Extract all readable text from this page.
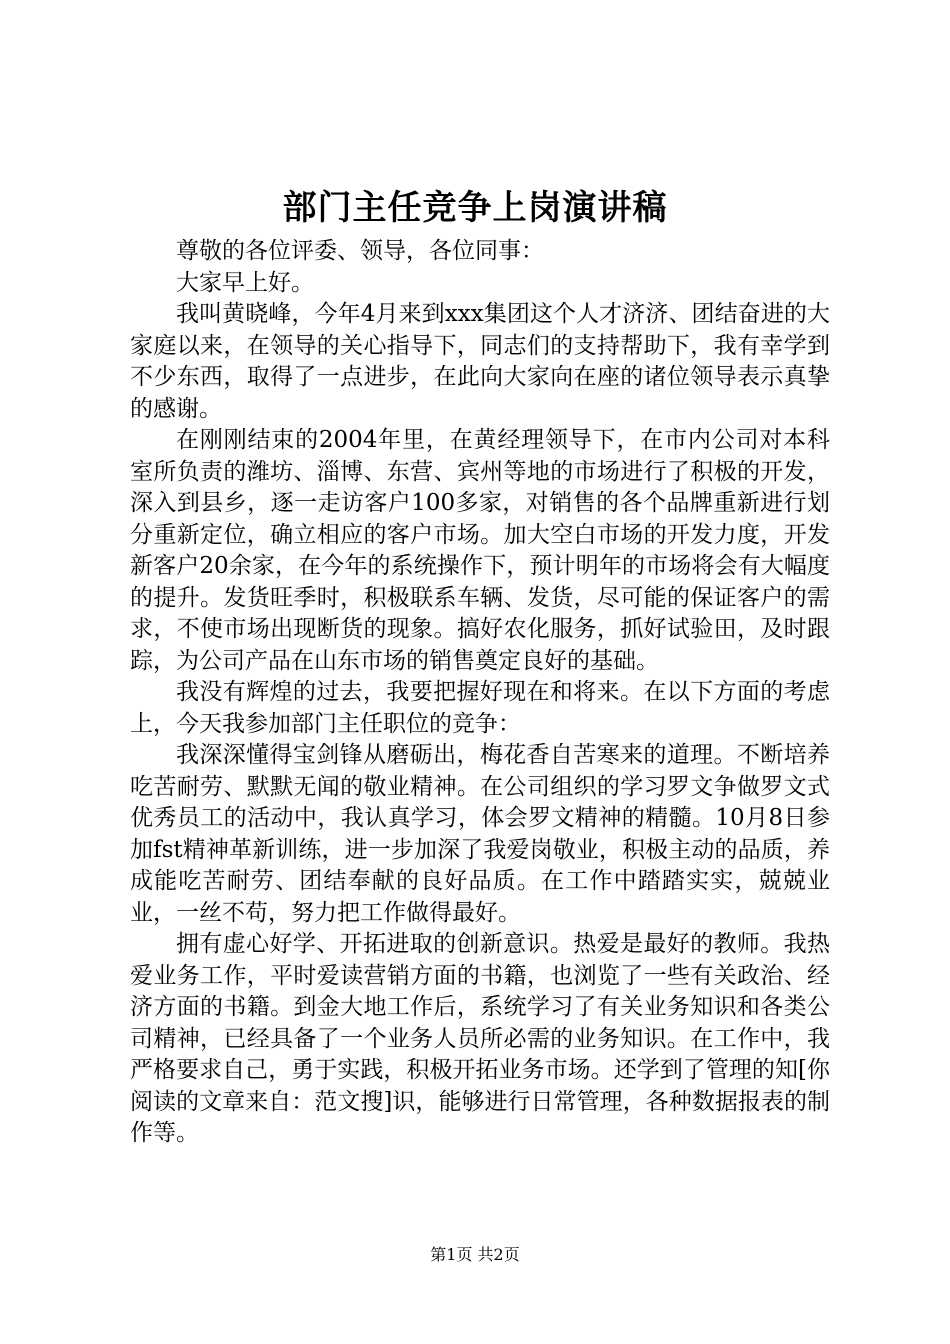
部门主任竞争上岗演讲稿

尊敬的各位评委、领导，各位同事：

大家早上好。

我叫黄晓峰，今年4月来到xxx集团这个人才济济、团结奋进的大家庭以来，在领导的关心指导下，同志们的支持帮助下，我有幸学到不少东西，取得了一点进步，在此向大家向在座的诸位领导表示真挚的感谢。

在刚刚结束的2004年里，在黄经理领导下，在市内公司对本科室所负责的潍坊、淄博、东营、宾州等地的市场进行了积极的开发，深入到县乡，逐一走访客户100多家，对销售的各个品牌重新进行划分重新定位，确立相应的客户市场。加大空白市场的开发力度，开发新客户20余家，在今年的系统操作下，预计明年的市场将会有大幅度的提升。发货旺季时，积极联系车辆、发货，尽可能的保证客户的需求，不使市场出现断货的现象。搞好农化服务，抓好试验田，及时跟踪，为公司产品在山东市场的销售奠定良好的基础。

我没有辉煌的过去，我要把握好现在和将来。在以下方面的考虑上，今天我参加部门主任职位的竞争：

我深深懂得宝剑锋从磨砺出，梅花香自苦寒来的道理。不断培养吃苦耐劳、默默无闻的敬业精神。在公司组织的学习罗文争做罗文式优秀员工的活动中，我认真学习，体会罗文精神的精髓。10月8日参加fst精神革新训练，进一步加深了我爱岗敬业，积极主动的品质，养成能吃苦耐劳、团结奉献的良好品质。在工作中踏踏实实，兢兢业业，一丝不苟，努力把工作做得最好。

拥有虚心好学、开拓进取的创新意识。热爱是最好的教师。我热爱业务工作，平时爱读营销方面的书籍，也浏览了一些有关政治、经济方面的书籍。到金大地工作后，系统学习了有关业务知识和各类公司精神，已经具备了一个业务人员所必需的业务知识。在工作中，我严格要求自己，勇于实践，积极开拓业务市场。还学到了管理的知[你阅读的文章来自：范文搜]识，能够进行日常管理，各种数据报表的制作等。

第1页 共2页
